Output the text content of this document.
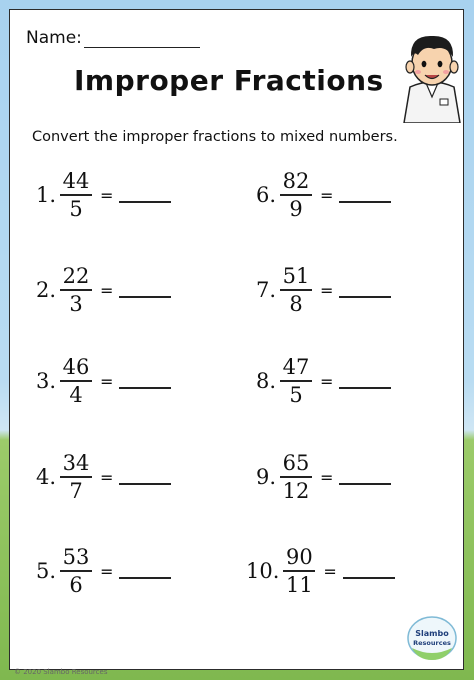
Name:
Improper Fractions
Convert the improper fractions to mixed numbers.
1. $\frac{44}{5}$ =
2. $\frac{22}{3}$ =
3. $\frac{46}{4}$ =
4. $\frac{34}{7}$ =
5. $\frac{53}{6}$ =
6. $\frac{82}{9}$ =
7. $\frac{51}{8}$ =
8. $\frac{47}{5}$ =
9. $\frac{65}{12}$ =
10. $\frac{90}{11}$ =
Slambo
Resources
© 2020 Slambo Resources
